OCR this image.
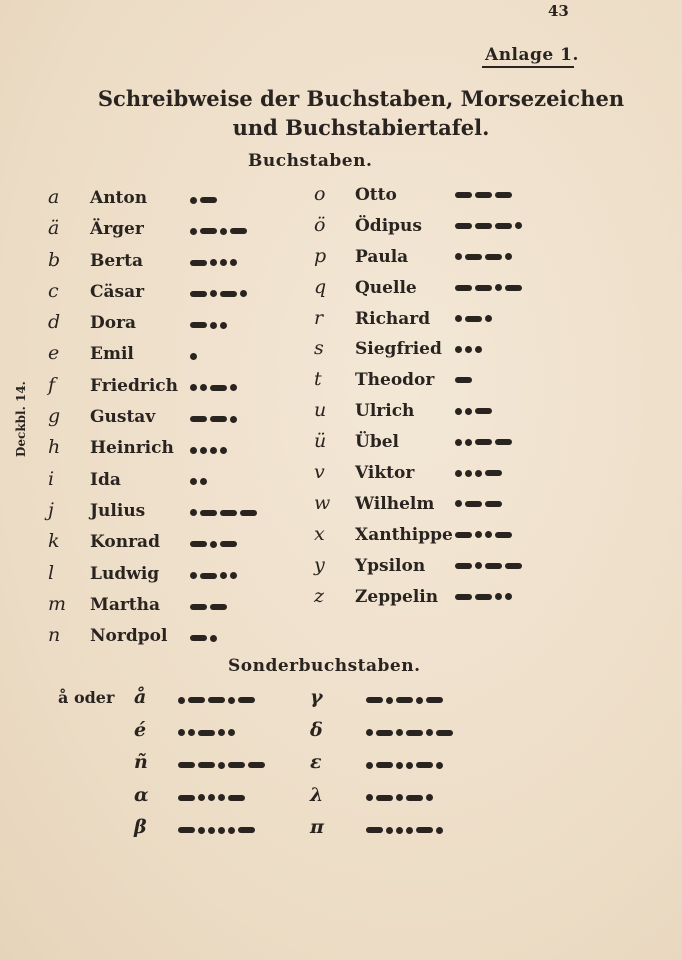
43
Anlage 1.
Schreibweise der Buchstaben, Morsezeichen
und Buchstabiertafel.
Buchstaben.
Deckbl. 14.
a Anton
ä Ärger
b Berta
c Cäsar
d Dora
e Emil
f Friedrich
g Gustav
h Heinrich
i Ida
j Julius
k Konrad
l Ludwig
m Martha
n Nordpol
o Otto
ö Ödipus
p Paula
q Quelle
r Richard
s Siegfried
t Theodor
u Ulrich
ü Übel
v Viktor
w Wilhelm
x Xanthippe
y Ypsilon
z Zeppelin
Sonderbuchstaben.
å oder å
é
ñ
α
β
γ
δ
ε
λ
π
